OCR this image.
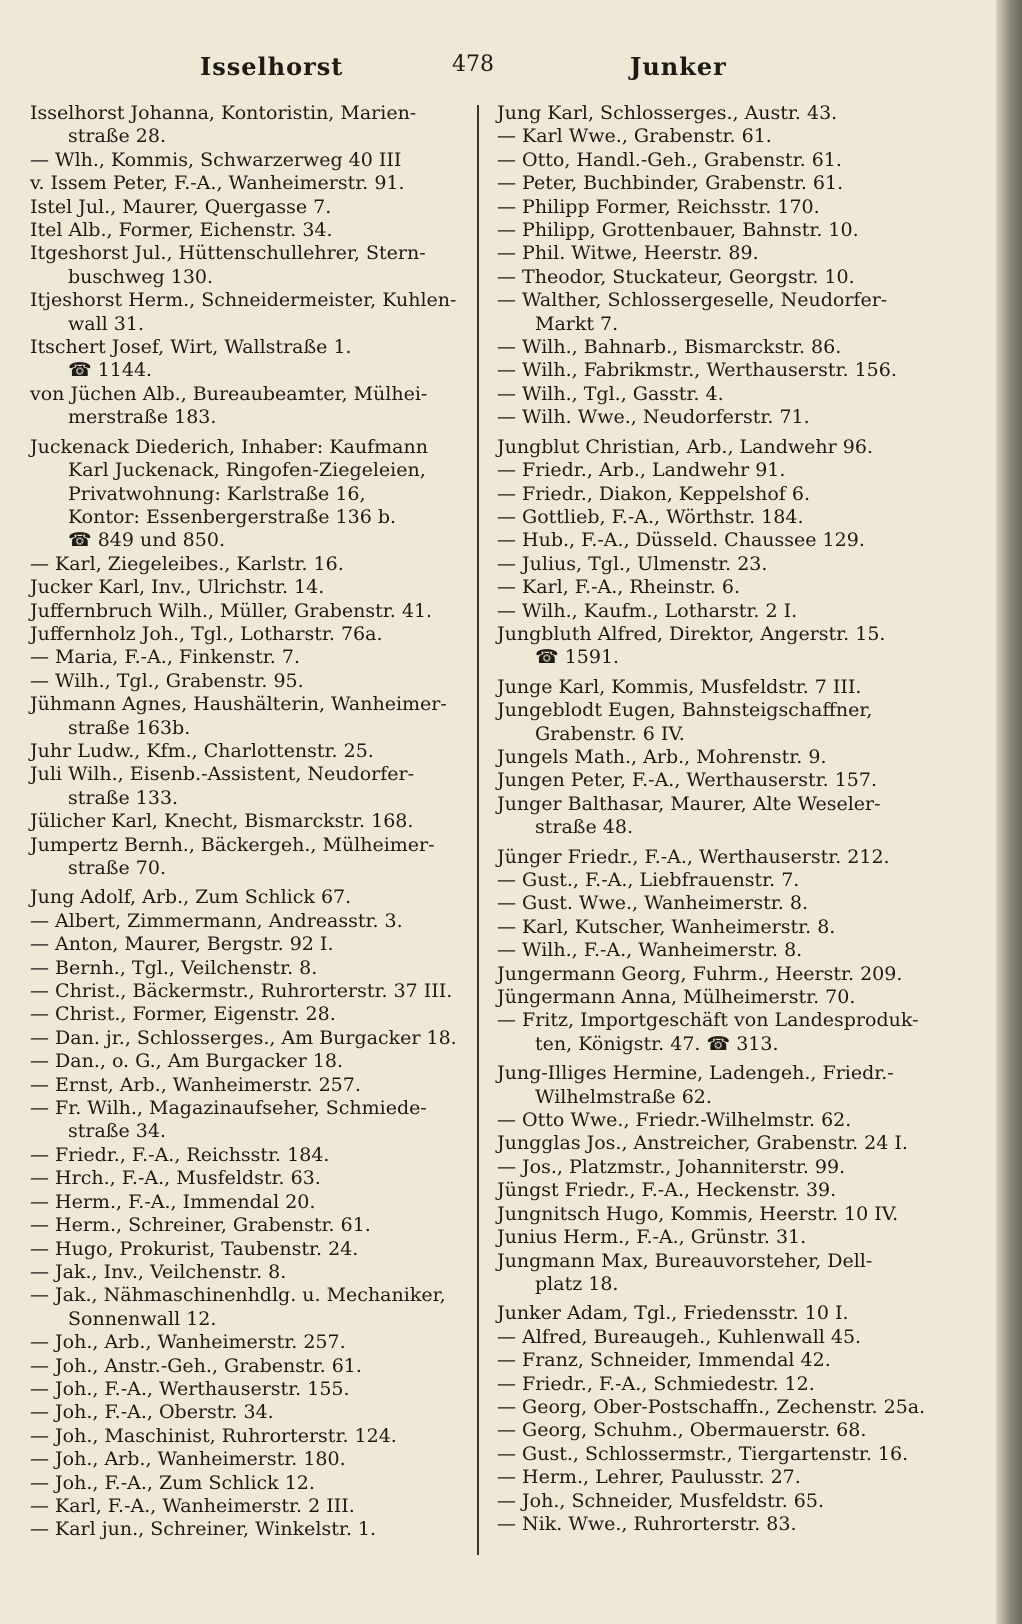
Isselhorst	478	Junker
Isselhorst Johanna, Kontoristin, Marien-
straße 28.
— Wlh., Kommis, Schwarzerweg 40 III
v. Issem Peter, F.-A., Wanheimerstr. 91.
Istel Jul., Maurer, Quergasse 7.
Itel Alb., Former, Eichenstr. 34.
Itgeshorst Jul., Hüttenschullehrer, Stern-
buschweg 130.
Itjeshorst Herm., Schneidermeister, Kuhlen-
wall 31.
Itschert Josef, Wirt, Wallstraße 1.
☎ 1144.
von Jüchen Alb., Bureaubeamter, Mülhei-
merstraße 183.
Juckenack Diederich, Inhaber: Kaufmann
Karl Juckenack, Ringofen-Ziegeleien,
Privatwohnung: Karlstraße 16,
Kontor: Essenbergerstraße 136 b.
☎ 849 und 850.
— Karl, Ziegeleibes., Karlstr. 16.
Jucker Karl, Inv., Ulrichstr. 14.
Juffernbruch Wilh., Müller, Grabenstr. 41.
Juffernholz Joh., Tgl., Lotharstr. 76a.
— Maria, F.-A., Finkenstr. 7.
— Wilh., Tgl., Grabenstr. 95.
Jühmann Agnes, Haushälterin, Wanheimer-
straße 163b.
Juhr Ludw., Kfm., Charlottenstr. 25.
Juli Wilh., Eisenb.-Assistent, Neudorfer-
straße 133.
Jülicher Karl, Knecht, Bismarckstr. 168.
Jumpertz Bernh., Bäckergeh., Mülheimer-
straße 70.
Jung Adolf, Arb., Zum Schlick 67.
— Albert, Zimmermann, Andreasstr. 3.
— Anton, Maurer, Bergstr. 92 I.
— Bernh., Tgl., Veilchenstr. 8.
— Christ., Bäckermstr., Ruhrorterstr. 37 III.
— Christ., Former, Eigenstr. 28.
— Dan. jr., Schlosserges., Am Burgacker 18.
— Dan., o. G., Am Burgacker 18.
— Ernst, Arb., Wanheimerstr. 257.
— Fr. Wilh., Magazinaufseher, Schmiede-
straße 34.
— Friedr., F.-A., Reichsstr. 184.
— Hrch., F.-A., Musfeldstr. 63.
— Herm., F.-A., Immendal 20.
— Herm., Schreiner, Grabenstr. 61.
— Hugo, Prokurist, Taubenstr. 24.
— Jak., Inv., Veilchenstr. 8.
— Jak., Nähmaschinenhdlg. u. Mechaniker,
Sonnenwall 12.
— Joh., Arb., Wanheimerstr. 257.
— Joh., Anstr.-Geh., Grabenstr. 61.
— Joh., F.-A., Werthauserstr. 155.
— Joh., F.-A., Oberstr. 34.
— Joh., Maschinist, Ruhrorterstr. 124.
— Joh., Arb., Wanheimerstr. 180.
— Joh., F.-A., Zum Schlick 12.
— Karl, F.-A., Wanheimerstr. 2 III.
— Karl jun., Schreiner, Winkelstr. 1.
Jung Karl, Schlosserges., Austr. 43.
— Karl Wwe., Grabenstr. 61.
— Otto, Handl.-Geh., Grabenstr. 61.
— Peter, Buchbinder, Grabenstr. 61.
— Philipp Former, Reichsstr. 170.
— Philipp, Grottenbauer, Bahnstr. 10.
— Phil. Witwe, Heerstr. 89.
— Theodor, Stuckateur, Georgstr. 10.
— Walther, Schlossergeselle, Neudorfer-
Markt 7.
— Wilh., Bahnarb., Bismarckstr. 86.
— Wilh., Fabrikmstr., Werthauserstr. 156.
— Wilh., Tgl., Gasstr. 4.
— Wilh. Wwe., Neudorferstr. 71.
Jungblut Christian, Arb., Landwehr 96.
— Friedr., Arb., Landwehr 91.
— Friedr., Diakon, Keppelshof 6.
— Gottlieb, F.-A., Wörthstr. 184.
— Hub., F.-A., Düsseld. Chaussee 129.
— Julius, Tgl., Ulmenstr. 23.
— Karl, F.-A., Rheinstr. 6.
— Wilh., Kaufm., Lotharstr. 2 I.
Jungbluth Alfred, Direktor, Angerstr. 15.
☎ 1591.
Junge Karl, Kommis, Musfeldstr. 7 III.
Jungeblodt Eugen, Bahnsteigschaffner,
Grabenstr. 6 IV.
Jungels Math., Arb., Mohrenstr. 9.
Jungen Peter, F.-A., Werthauserstr. 157.
Junger Balthasar, Maurer, Alte Weseler-
straße 48.
Jünger Friedr., F.-A., Werthauserstr. 212.
— Gust., F.-A., Liebfrauenstr. 7.
— Gust. Wwe., Wanheimerstr. 8.
— Karl, Kutscher, Wanheimerstr. 8.
— Wilh., F.-A., Wanheimerstr. 8.
Jungermann Georg, Fuhrm., Heerstr. 209.
Jüngermann Anna, Mülheimerstr. 70.
— Fritz, Importgeschäft von Landesproduk-
ten, Königstr. 47. ☎ 313.
Jung-Illiges Hermine, Ladengeh., Friedr.-
Wilhelmstraße 62.
— Otto Wwe., Friedr.-Wilhelmstr. 62.
Jungglas Jos., Anstreicher, Grabenstr. 24 I.
— Jos., Platzmstr., Johanniterstr. 99.
Jüngst Friedr., F.-A., Heckenstr. 39.
Jungnitsch Hugo, Kommis, Heerstr. 10 IV.
Junius Herm., F.-A., Grünstr. 31.
Jungmann Max, Bureauvorsteher, Dell-
platz 18.
Junker Adam, Tgl., Friedensstr. 10 I.
— Alfred, Bureaugeh., Kuhlenwall 45.
— Franz, Schneider, Immendal 42.
— Friedr., F.-A., Schmiedestr. 12.
— Georg, Ober-Postschaffn., Zechenstr. 25a.
— Georg, Schuhm., Obermauerstr. 68.
— Gust., Schlossermstr., Tiergartenstr. 16.
— Herm., Lehrer, Paulusstr. 27.
— Joh., Schneider, Musfeldstr. 65.
— Nik. Wwe., Ruhrorterstr. 83.
